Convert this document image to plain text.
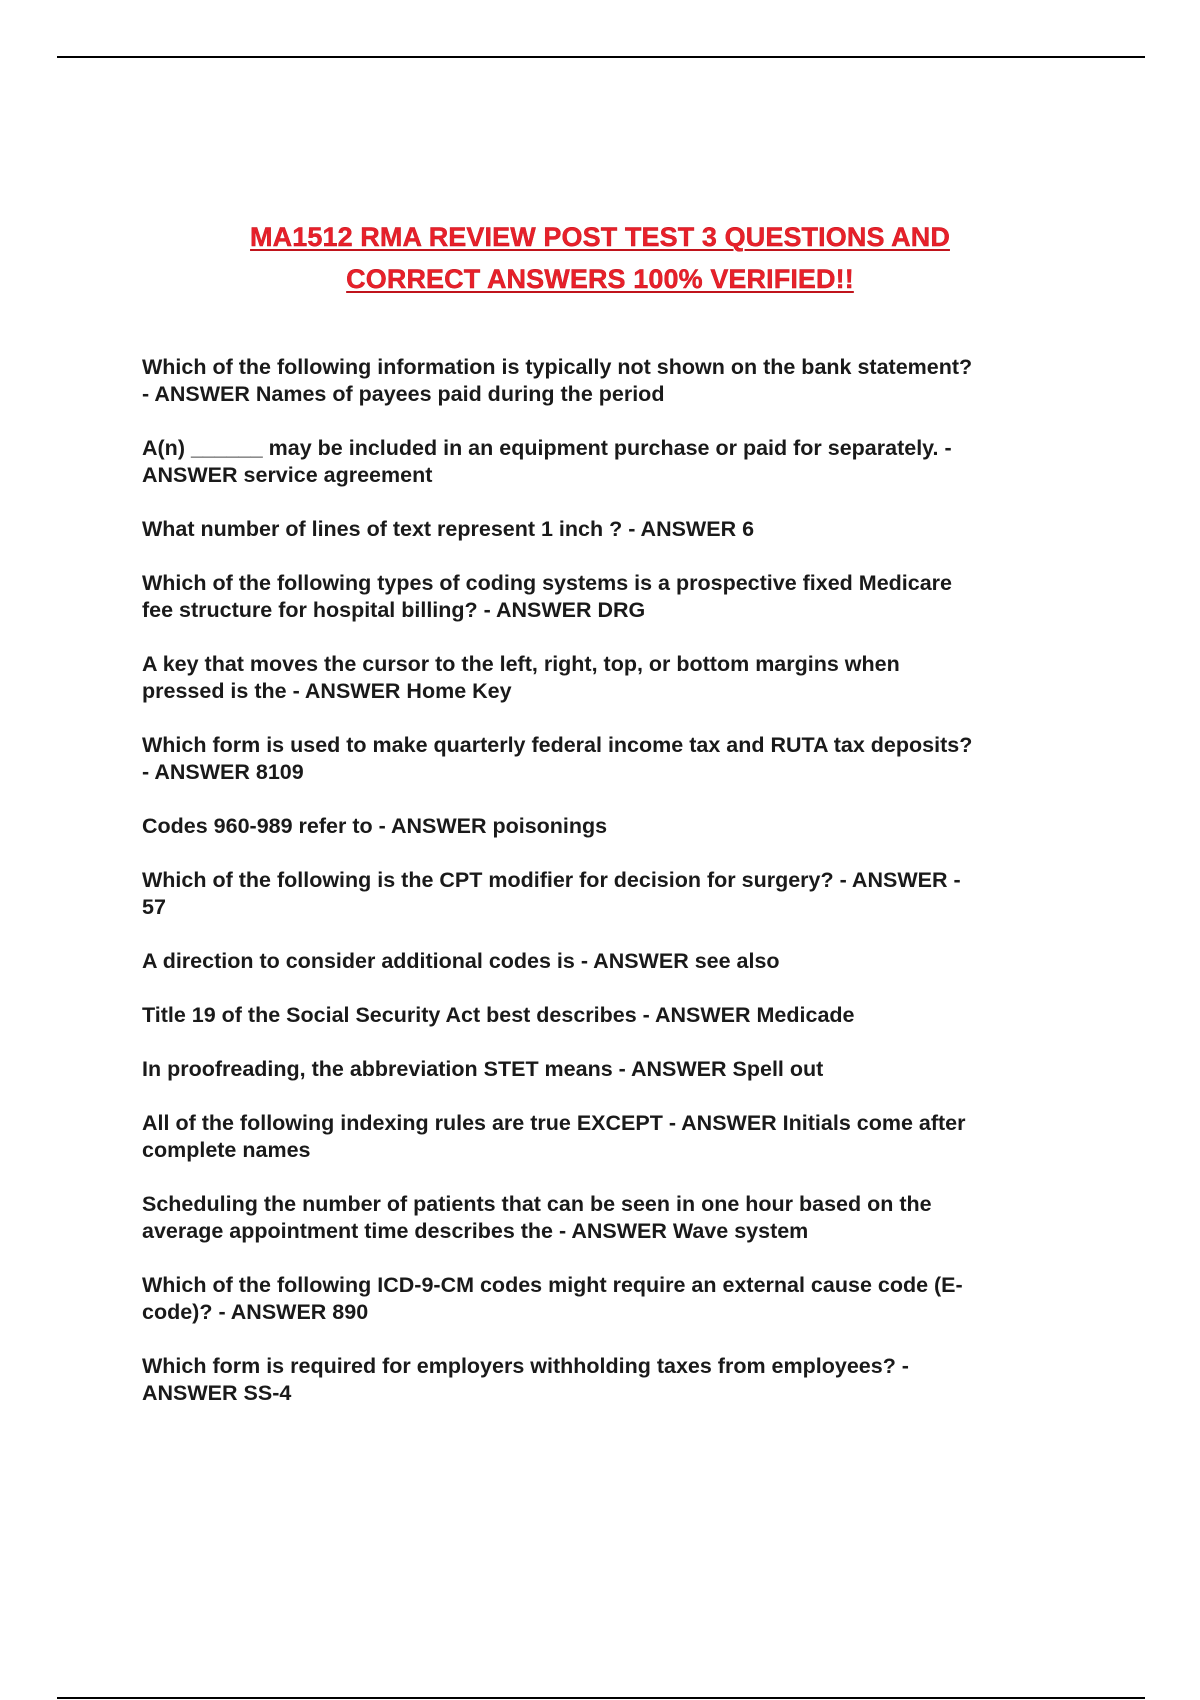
MA1512 RMA REVIEW POST TEST 3 QUESTIONS AND
CORRECT ANSWERS 100% VERIFIED!!
Which of the following information is typically not shown on the bank statement?
- ANSWER Names of payees paid during the period
A(n) ______ may be included in an equipment purchase or paid for separately. -
ANSWER service agreement
What number of lines of text represent 1 inch ? - ANSWER 6
Which of the following types of coding systems is a prospective fixed Medicare
fee structure for hospital billing? - ANSWER DRG
A key that moves the cursor to the left, right, top, or bottom margins when
pressed is the - ANSWER Home Key
Which form is used to make quarterly federal income tax and RUTA tax deposits?
- ANSWER 8109
Codes 960-989 refer to - ANSWER poisonings
Which of the following is the CPT modifier for decision for surgery? - ANSWER -
57
A direction to consider additional codes is - ANSWER see also
Title 19 of the Social Security Act best describes - ANSWER Medicade
In proofreading, the abbreviation STET means - ANSWER Spell out
All of the following indexing rules are true EXCEPT - ANSWER Initials come after
complete names
Scheduling the number of patients that can be seen in one hour based on the
average appointment time describes the - ANSWER Wave system
Which of the following ICD-9-CM codes might require an external cause code (E-
code)? - ANSWER 890
Which form is required for employers withholding taxes from employees? -
ANSWER SS-4
